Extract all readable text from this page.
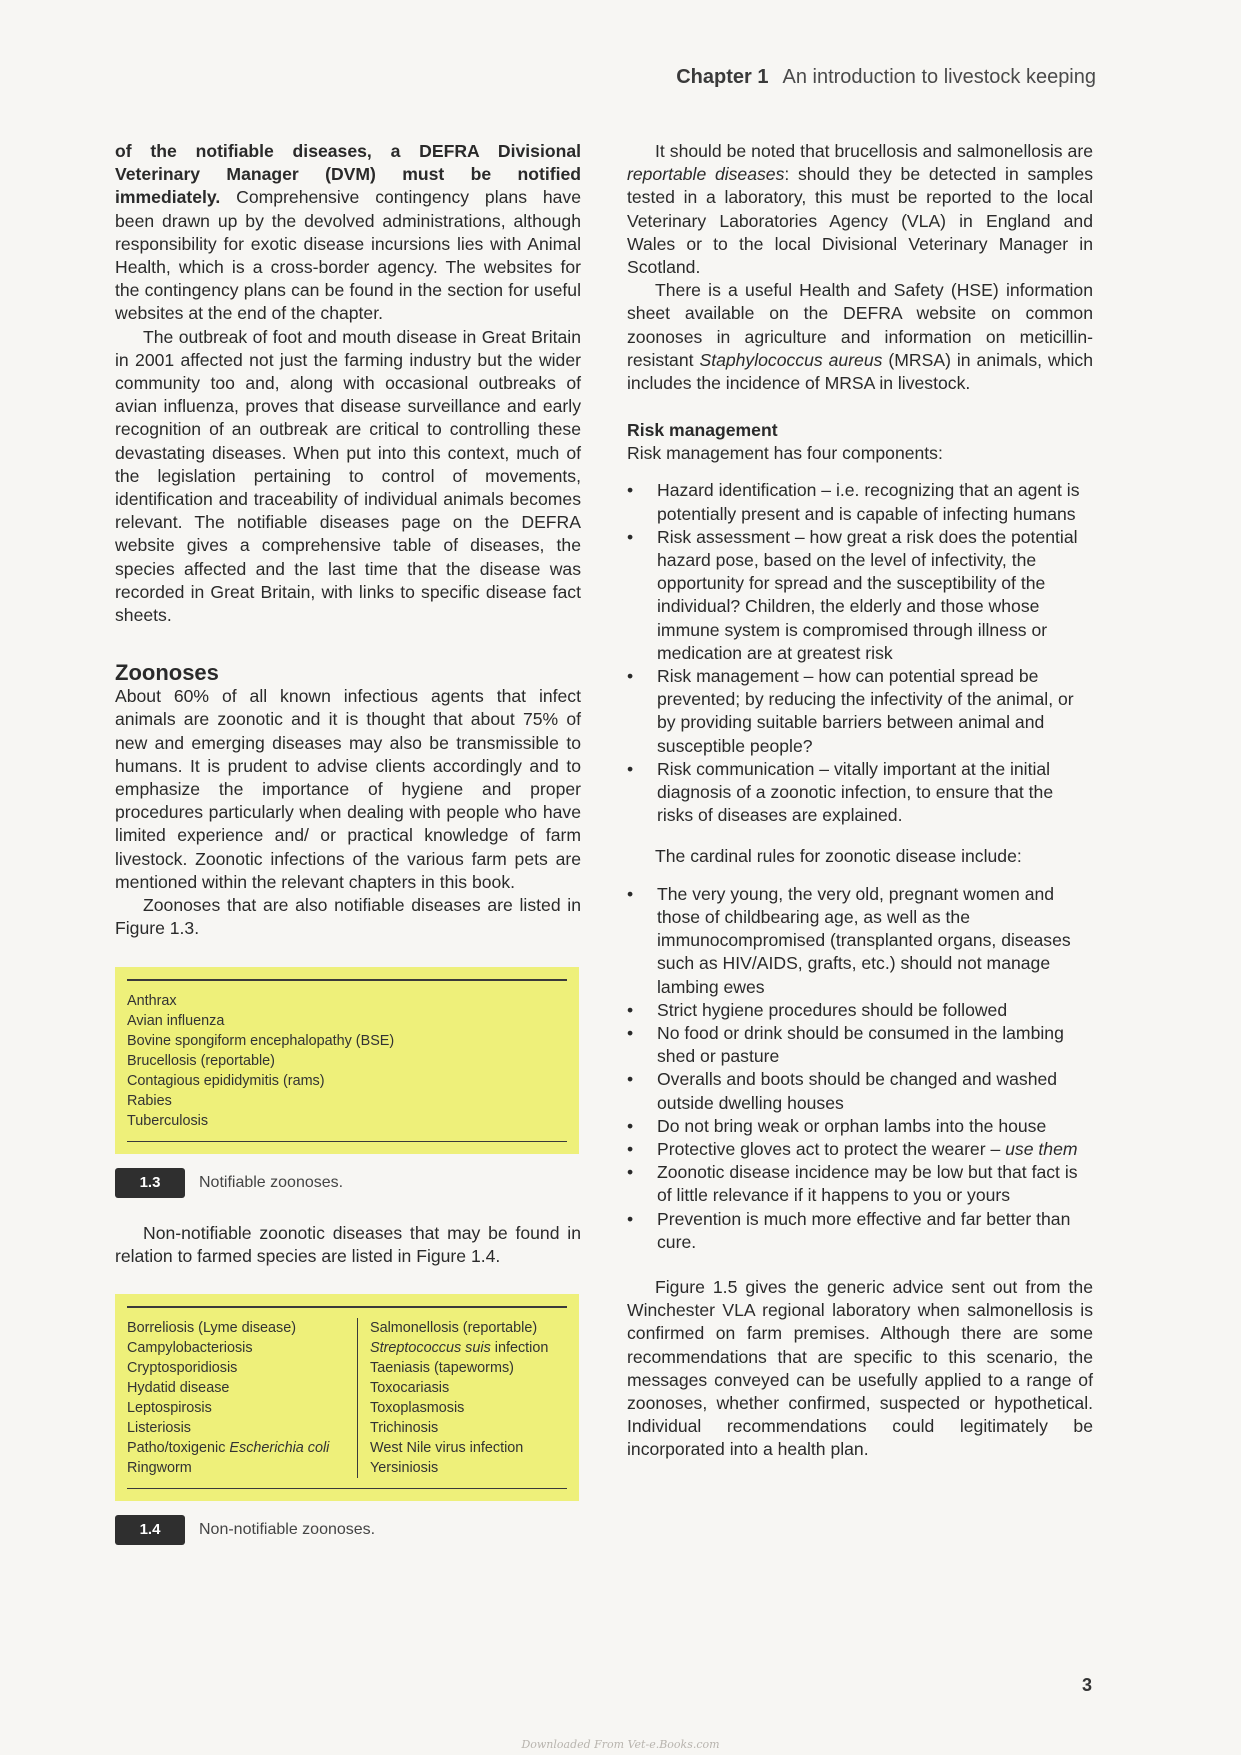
Chapter 1 An introduction to livestock keeping

of the notifiable diseases, a DEFRA Divisional Veterinary Manager (DVM) must be notified immediately. Comprehensive contingency plans have been drawn up by the devolved administrations, although responsibility for exotic disease incursions lies with Animal Health, which is a cross-border agency. The websites for the contingency plans can be found in the section for useful websites at the end of the chapter.

The outbreak of foot and mouth disease in Great Britain in 2001 affected not just the farming industry but the wider community too and, along with occasional outbreaks of avian influenza, proves that disease surveillance and early recognition of an outbreak are critical to controlling these devastating diseases. When put into this context, much of the legislation pertaining to control of movements, identification and traceability of individual animals becomes relevant. The notifiable diseases page on the DEFRA website gives a comprehensive table of diseases, the species affected and the last time that the disease was recorded in Great Britain, with links to specific disease fact sheets.

Zoonoses

About 60% of all known infectious agents that infect animals are zoonotic and it is thought that about 75% of new and emerging diseases may also be transmissible to humans. It is prudent to advise clients accordingly and to emphasize the importance of hygiene and proper procedures particularly when dealing with people who have limited experience and/ or practical knowledge of farm livestock. Zoonotic infections of the various farm pets are mentioned within the relevant chapters in this book.

Zoonoses that are also notifiable diseases are listed in Figure 1.3.

Anthrax
Avian influenza
Bovine spongiform encephalopathy (BSE)
Brucellosis (reportable)
Contagious epididymitis (rams)
Rabies
Tuberculosis
1.3	Notifiable zoonoses.

Non-notifiable zoonotic diseases that may be found in relation to farmed species are listed in Figure 1.4.

Borreliosis (Lyme disease)
Campylobacteriosis
Cryptosporidiosis
Hydatid disease
Leptospirosis
Listeriosis
Patho/toxigenic Escherichia coli
Ringworm
Salmonellosis (reportable)
Streptococcus suis infection
Taeniasis (tapeworms)
Toxocariasis
Toxoplasmosis
Trichinosis
West Nile virus infection
Yersiniosis
1.4	Non-notifiable zoonoses.

It should be noted that brucellosis and salmonellosis are reportable diseases: should they be detected in samples tested in a laboratory, this must be reported to the local Veterinary Laboratories Agency (VLA) in England and Wales or to the local Divisional Veterinary Manager in Scotland.

There is a useful Health and Safety (HSE) information sheet available on the DEFRA website on common zoonoses in agriculture and information on meticillin-resistant Staphylococcus aureus (MRSA) in animals, which includes the incidence of MRSA in livestock.

Risk management

Risk management has four components:

• Hazard identification – i.e. recognizing that an agent is potentially present and is capable of infecting humans
• Risk assessment – how great a risk does the potential hazard pose, based on the level of infectivity, the opportunity for spread and the susceptibility of the individual? Children, the elderly and those whose immune system is compromised through illness or medication are at greatest risk
• Risk management – how can potential spread be prevented; by reducing the infectivity of the animal, or by providing suitable barriers between animal and susceptible people?
• Risk communication – vitally important at the initial diagnosis of a zoonotic infection, to ensure that the risks of diseases are explained.

The cardinal rules for zoonotic disease include:

• The very young, the very old, pregnant women and those of childbearing age, as well as the immunocompromised (transplanted organs, diseases such as HIV/AIDS, grafts, etc.) should not manage lambing ewes
• Strict hygiene procedures should be followed
• No food or drink should be consumed in the lambing shed or pasture
• Overalls and boots should be changed and washed outside dwelling houses
• Do not bring weak or orphan lambs into the house
• Protective gloves act to protect the wearer – use them
• Zoonotic disease incidence may be low but that fact is of little relevance if it happens to you or yours
• Prevention is much more effective and far better than cure.

Figure 1.5 gives the generic advice sent out from the Winchester VLA regional laboratory when salmonellosis is confirmed on farm premises. Although there are some recommendations that are specific to this scenario, the messages conveyed can be usefully applied to a range of zoonoses, whether confirmed, suspected or hypothetical. Individual recommendations could legitimately be incorporated into a health plan.

3
Downloaded From Vet-e.Books.com
